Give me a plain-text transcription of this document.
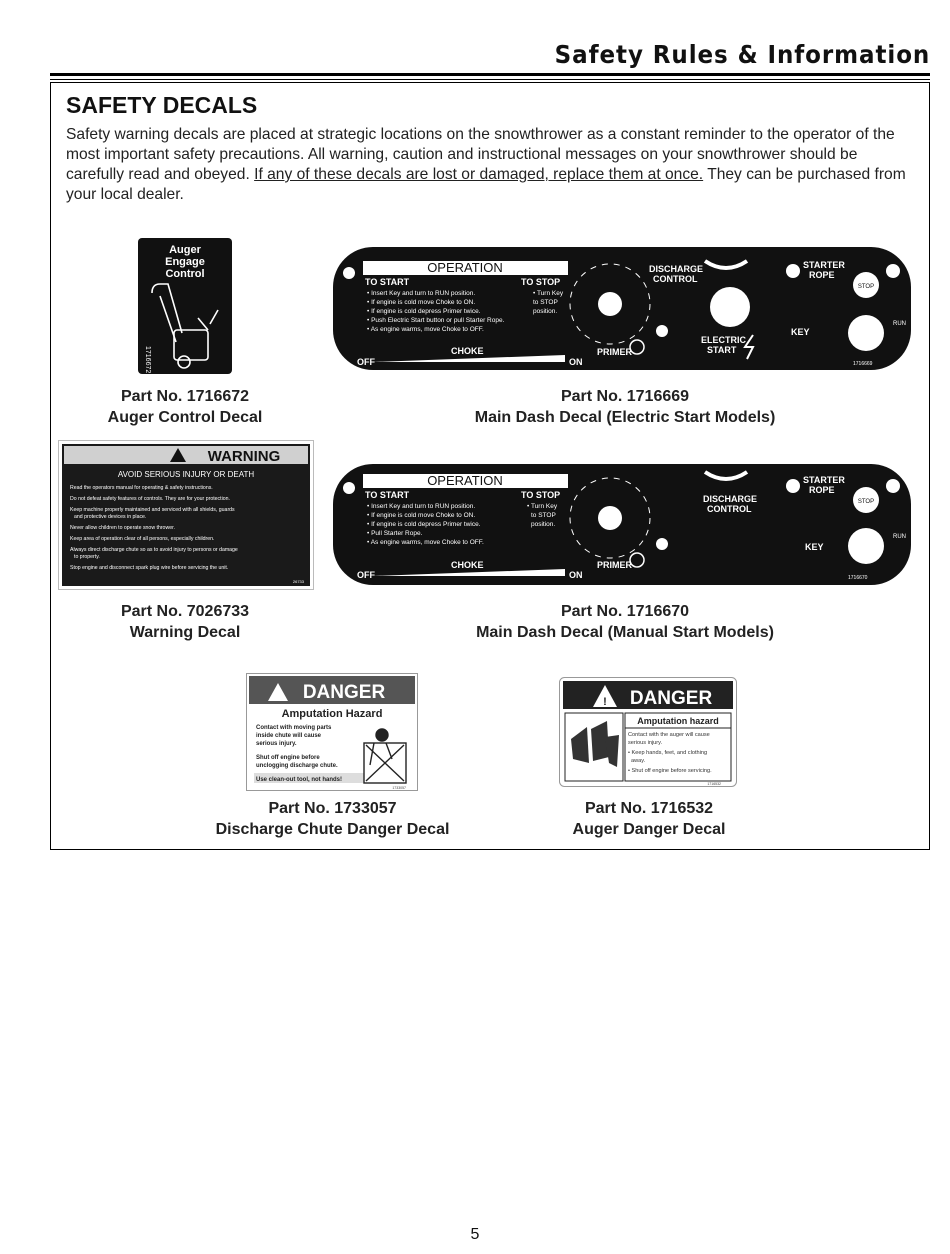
Safety Rules & Information
SAFETY DECALS
Safety warning decals are placed at strategic locations on the snowthrower as a constant reminder to the operator of the most important safety precautions. All warning, caution and instructional messages on your snowthrower should be carefully read and obeyed. If any of these decals are lost or damaged, replace them at once. They can be purchased from your local dealer.
Auger
Engage
Control
1716672
Part No. 1716672
Auger Control Decal
OPERATION
TO START	TO STOP
• Insert Key and turn to RUN position.
• If engine is cold move Choke to ON.
• If engine is cold depress Primer twice.
• Push Electric Start button or pull Starter Rope.
• As engine warms, move Choke to OFF.
• Turn Key
to STOP
position.
CHOKE
OFF	ON
DISCHARGE
CONTROL
ELECTRIC
START
PRIMER
STARTER
ROPE
STOP
KEY
RUN
1716669
Part No. 1716669
Main Dash Decal (Electric Start Models)
WARNING
AVOID SERIOUS INJURY OR DEATH
Read the operators manual for operating & safety instructions.
Do not defeat safety features of controls. They are for your protection.
Keep machine properly maintained and serviced with all shields, guards
and protective devices in place.
Never allow children to operate snow thrower.
Keep area of operation clear of all persons, especially children.
Always direct discharge chute so as to avoid injury to persons or damage
to property.
Stop engine and disconnect spark plug wire before servicing the unit.
26733
Part No. 7026733
Warning Decal
OPERATION
TO START	TO STOP
• Insert Key and turn to RUN position.
• If engine is cold move Choke to ON.
• If engine is cold depress Primer twice.
• Pull Starter Rope.
• As engine warms, move Choke to OFF.
• Turn Key
to STOP
position.
CHOKE
OFF	ON
DISCHARGE
CONTROL
PRIMER
STARTER
ROPE
STOP
KEY
RUN
1716670
Part No. 1716670
Main Dash Decal (Manual Start Models)
DANGER
Amputation Hazard
Contact with moving parts
inside chute will cause
serious injury.
Shut off engine before
unclogging discharge chute.
Use clean-out tool, not hands!
1733057
Part No. 1733057
Discharge Chute Danger Decal
! DANGER
Amputation hazard
Contact with the auger will cause
serious injury.
• Keep hands, feet, and clothing
away.
• Shut off engine before servicing.
1716532
Part No. 1716532
Auger Danger Decal
5
